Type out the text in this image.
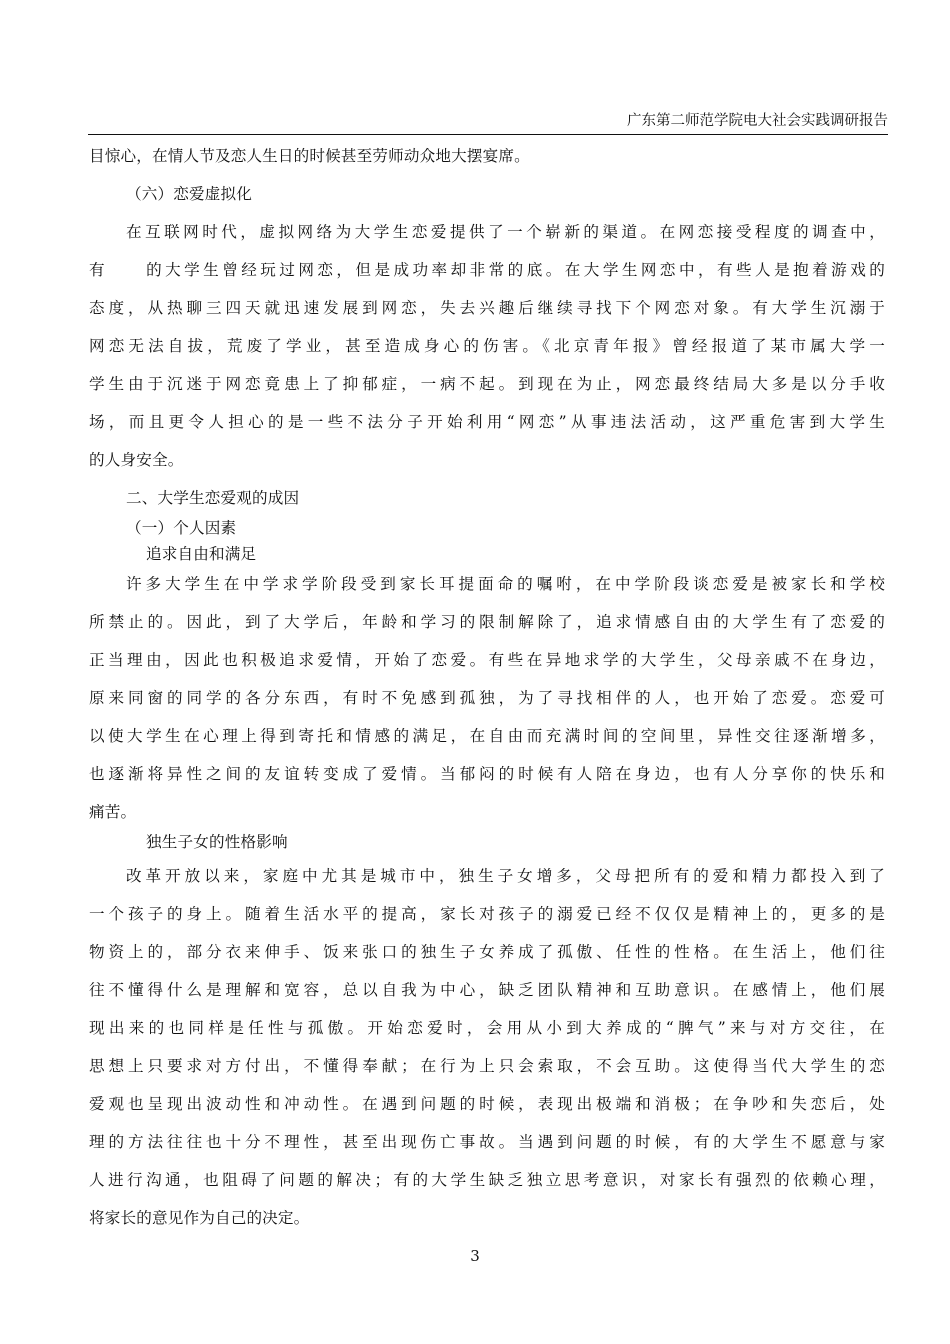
广东第二师范学院电大社会实践调研报告
目惊心，在情人节及恋人生日的时候甚至劳师动众地大摆宴席。
（六）恋爱虚拟化
在互联网时代，虚拟网络为大学生恋爱提供了一个崭新的渠道。在网恋接受程度的调查中，
有　　的大学生曾经玩过网恋，但是成功率却非常的底。在大学生网恋中，有些人是抱着游戏的
态度，从热聊三四天就迅速发展到网恋，失去兴趣后继续寻找下个网恋对象。有大学生沉溺于
网恋无法自拔，荒废了学业，甚至造成身心的伤害。《北京青年报》曾经报道了某市属大学一
学生由于沉迷于网恋竟患上了抑郁症，一病不起。到现在为止，网恋最终结局大多是以分手收
场，而且更令人担心的是一些不法分子开始利用“网恋”从事违法活动，这严重危害到大学生
的人身安全。
二、大学生恋爱观的成因
（一）个人因素
追求自由和满足
许多大学生在中学求学阶段受到家长耳提面命的嘱咐，在中学阶段谈恋爱是被家长和学校
所禁止的。因此，到了大学后，年龄和学习的限制解除了，追求情感自由的大学生有了恋爱的
正当理由，因此也积极追求爱情，开始了恋爱。有些在异地求学的大学生，父母亲戚不在身边，
原来同窗的同学的各分东西，有时不免感到孤独，为了寻找相伴的人，也开始了恋爱。恋爱可
以使大学生在心理上得到寄托和情感的满足，在自由而充满时间的空间里，异性交往逐渐增多，
也逐渐将异性之间的友谊转变成了爱情。当郁闷的时候有人陪在身边，也有人分享你的快乐和
痛苦。
独生子女的性格影响
改革开放以来，家庭中尤其是城市中，独生子女增多，父母把所有的爱和精力都投入到了
一个孩子的身上。随着生活水平的提高，家长对孩子的溺爱已经不仅仅是精神上的，更多的是
物资上的，部分衣来伸手、饭来张口的独生子女养成了孤傲、任性的性格。在生活上，他们往
往不懂得什么是理解和宽容，总以自我为中心，缺乏团队精神和互助意识。在感情上，他们展
现出来的也同样是任性与孤傲。开始恋爱时，会用从小到大养成的“脾气”来与对方交往，在
思想上只要求对方付出，不懂得奉献；在行为上只会索取，不会互助。这使得当代大学生的恋
爱观也呈现出波动性和冲动性。在遇到问题的时候，表现出极端和消极；在争吵和失恋后，处
理的方法往往也十分不理性，甚至出现伤亡事故。当遇到问题的时候，有的大学生不愿意与家
人进行沟通，也阻碍了问题的解决；有的大学生缺乏独立思考意识，对家长有强烈的依赖心理，
将家长的意见作为自己的决定。
3
